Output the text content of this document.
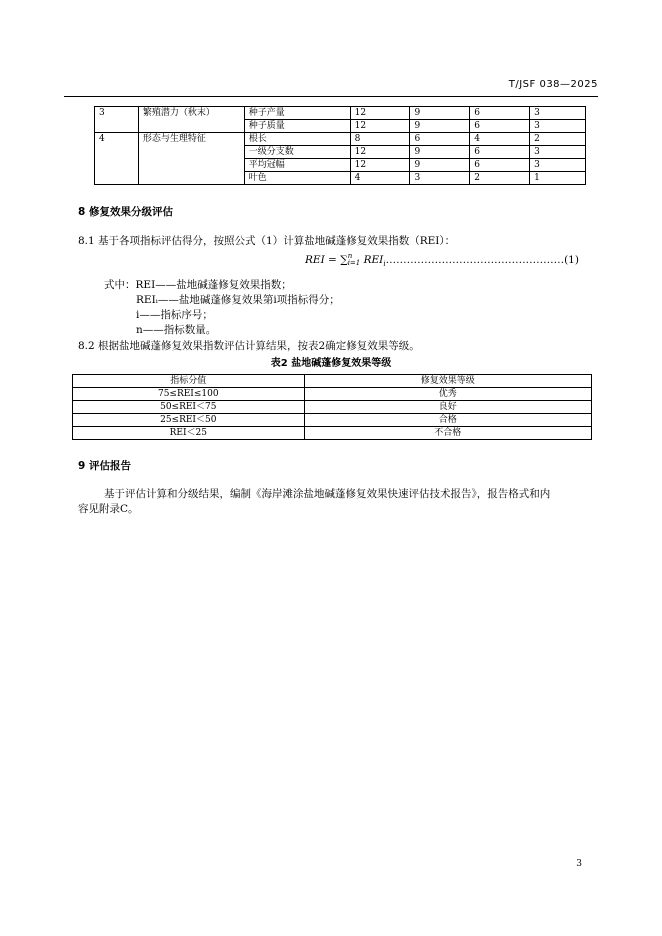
T/JSF 038—2025
3	繁殖潜力（秋末）	种子产量	12	9	6	3
		种子质量	12	9	6	3
4	形态与生理特征	根长	8	6	4	2
		一级分支数	12	9	6	3
		平均冠幅	12	9	6	3
		叶色	4	3	2	1
8 修复效果分级评估
8.1 基于各项指标评估得分，按照公式（1）计算盐地碱蓬修复效果指数（REI）：
REI = ∑ n
i=1 $REI_i\dots\dots\dots\dots\dots\dots\dots\dots\dots\dots\dots\dots\dots\dots\dots\dots\dots(1)$
式中：REI——盐地碱蓬修复效果指数；
REIᵢ——盐地碱蓬修复效果第i项指标得分；
i——指标序号；
n——指标数量。
8.2 根据盐地碱蓬修复效果指数评估计算结果，按表2确定修复效果等级。
表2 盐地碱蓬修复效果等级
指标分值	修复效果等级
75≤REI≤100	优秀
50≤REI＜75	良好
25≤REI＜50	合格
REI＜25	不合格
9 评估报告
基于评估计算和分级结果，编制《海岸滩涂盐地碱蓬修复效果快速评估技术报告》，报告格式和内
容见附录C。
3
